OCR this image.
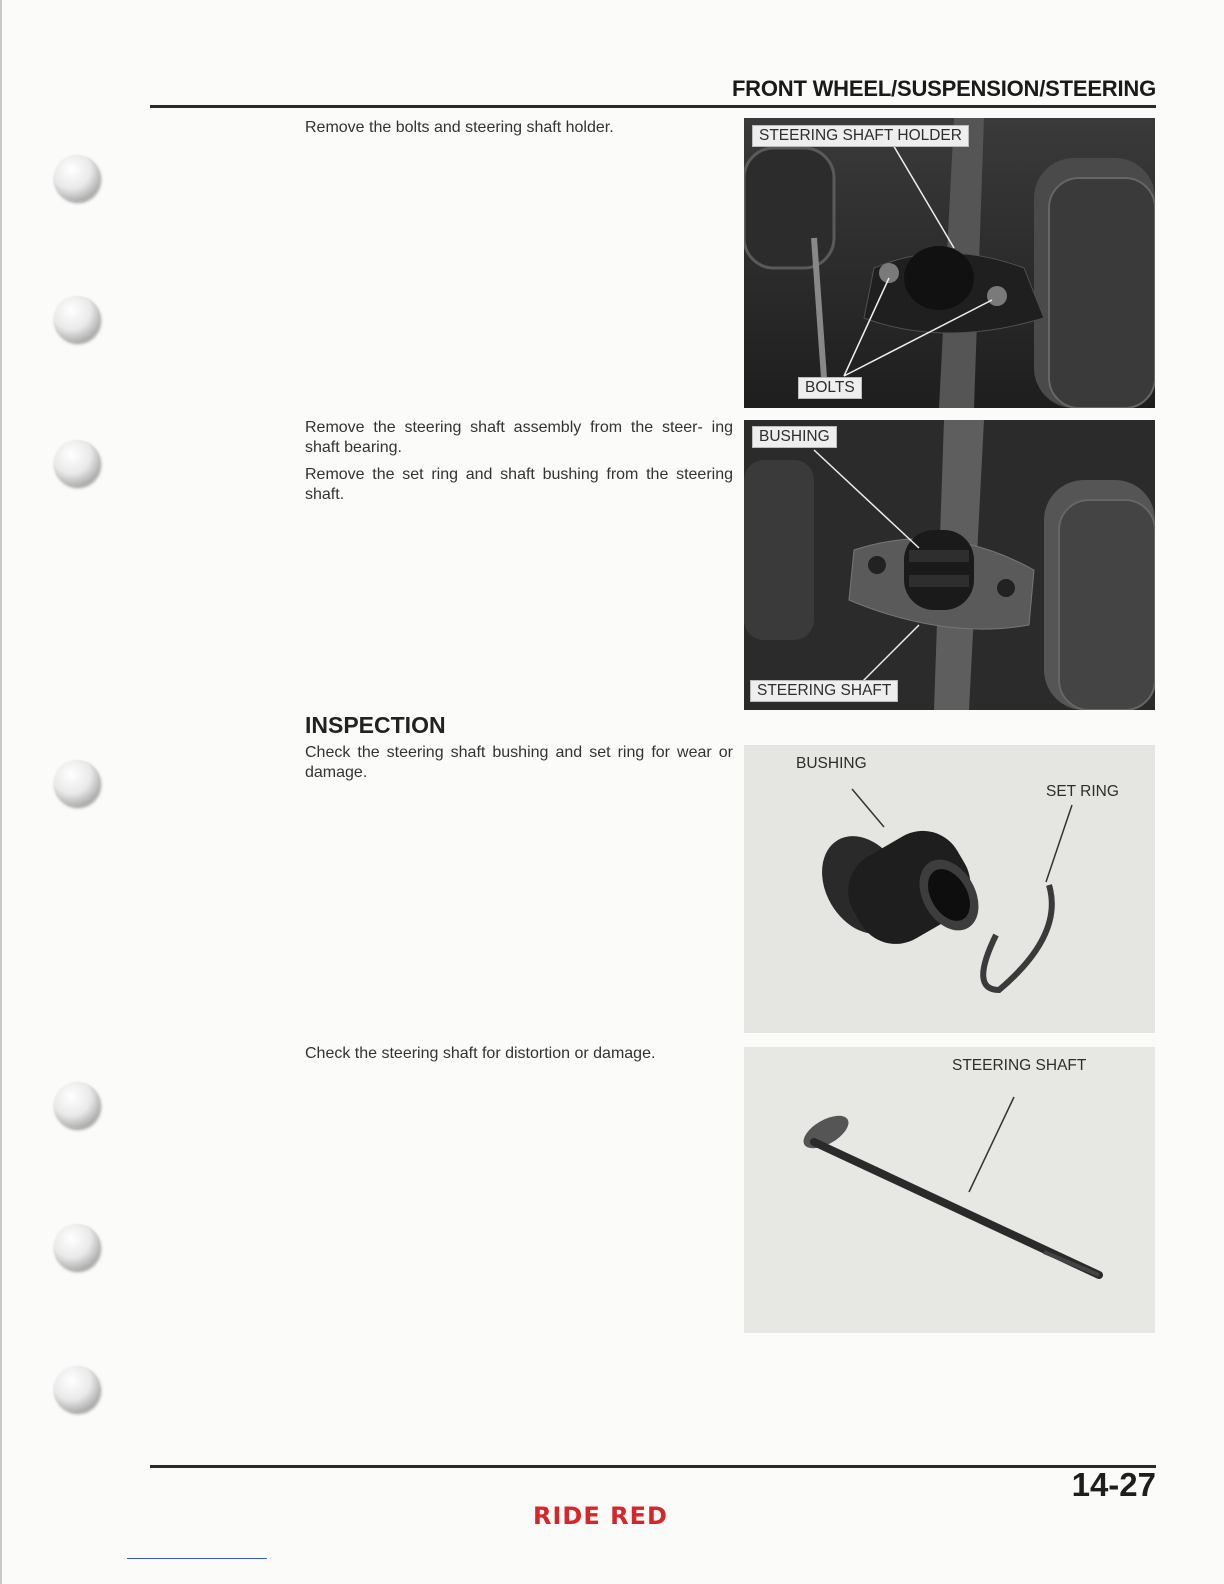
FRONT WHEEL/SUSPENSION/STEERING

Remove the bolts and steering shaft holder.

Remove the steering shaft assembly from the steer- ing shaft bearing.

Remove the set ring and shaft bushing from the steering shaft.

INSPECTION

Check the steering shaft bushing and set ring for wear or damage.

Check the steering shaft for distortion or damage.

STEERING SHAFT HOLDER
BOLTS
BUSHING
STEERING SHAFT
BUSHING
SET RING
STEERING SHAFT
14-27
RIDE RED
